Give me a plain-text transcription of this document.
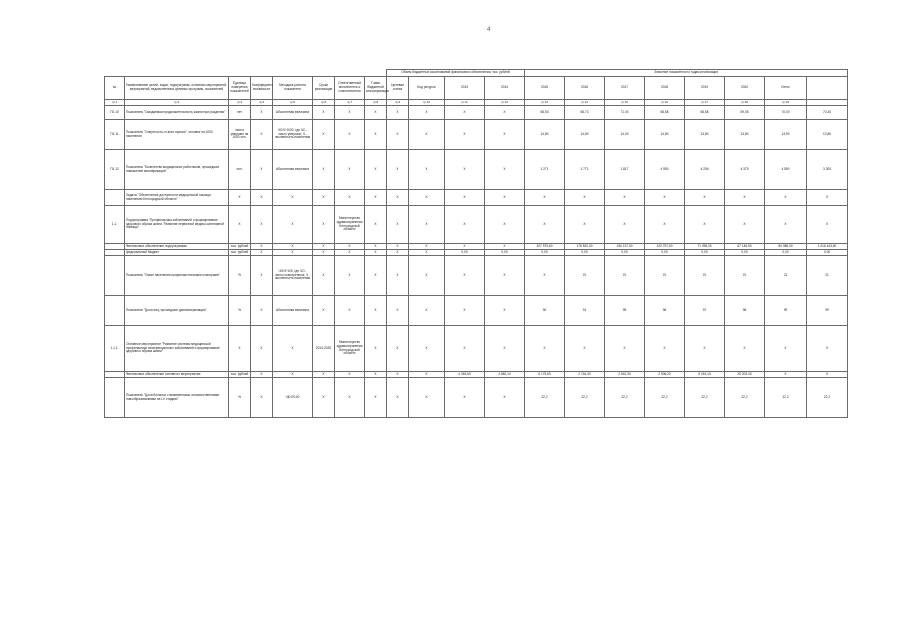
4
								Объем бюджетных ассигнований финансового обеспечения, тыс. рублей				Значение показателя по годам реализации							
№	Наименование целей, задач, подпрограмм, основных мероприятий, мероприятий, ведомственных целевых программ, показателей	Единица измерения показателей	Коэффициент значимости	Методика расчета показателя	Сроки реализации	Ответственный исполнитель и соисполнители	Глава бюджетной классификации	Целевая статья	Код ресурса	2013	2014	2015	2016	2017	2018	2019	2020	Итого	
гр.1	гр.2	гр.3	гр.4	гр.5	гр.6	гр.7	гр.8	гр.9	гр.10	гр.11	гр.12	гр.13	гр.14	гр.15	гр.16	гр.17	гр.18	гр.19	
П1.10	Показатель "Ожидаемая продолжительность жизни при рождении"	лет	Х	Абсолютная величина	Х	Х	Х	Х	Х	Х	Х	68,53	68,73	71,00	68,68	68,68	69,05	70,00	70,40
П1.11	Показатель "Смертность от всех причин", человек на 1000 населения	число умерших на 1000 чел.	Х	ЧС/Ч*1000, где ЧС - число умерших; Ч - численность населения	Х	Х	Х	Х	Х	Х	Х	14,80	14,50	14,00	14,80	13,80	13,80	13,90	13,80
П1.12	Показатель "Количество медицинских работников, прошедших повышение квалификации"	чел.	Х	Абсолютная величина	Х	Х	Х	Х	Х	Х	Х	1 271	1 771	1 817	4 950	4 206	4 375	4 550	3 300
	Задача "Обеспечение доступности медицинской помощи населению Белгородской области"	Х	Х	Х	Х	Х	Х	Х	Х	Х	Х	Х	Х	Х	Х	Х	Х	Х	Х
1.1.	Подпрограмма "Профилактика заболеваний и формирование здорового образа жизни. Развитие первичной медико-санитарной помощи"	Х	Х	Х	Х	Министерство здравоохранения Белгородской области	Х	Х	Х	Х	Х	Х	Х	Х	Х	Х	Х	Х	Х
	Финансовое обеспечение подпрограммы	тыс. рублей	Х	Х	Х	Х	Х	Х	Х	Х	Х	207 975,60	175 520,30	196 137,00	122 757,00	71 095,30	67 146,50	84 086,30	1 016 443,60
	федеральный бюджет	тыс. рублей	Х	Х	Х	Х	Х	Х	Х	0,00	0,00	0,00	0,00	0,00	0,00	0,00	0,00	0,00	0,00
	Показатель "Охват населения профилактическими осмотрами"	%	Х	ЧО/Ч*100, где ЧО - число осмотренных; Ч - численность населения	Х	Х	Х	Х	Х	Х	Х	Х	21	21	21	21	21	21	21
	Показатель "Доля лиц, прошедших диспансеризацию"	%	Х	Абсолютная величина	Х	Х	Х	Х	Х	Х	Х	90	91	95	96	97	98	99	99
1.1.1.	Основное мероприятие "Развитие системы медицинской профилактики неинфекционных заболеваний и формирование здорового образа жизни"	Х	Х	Х	2014-2020	Министерство здравоохранения Белгородской области	Х	Х	Х	Х	Х	Х	Х	Х	Х	Х	Х	Х	Х
	Финансовое обеспечение основного мероприятия	тыс. рублей	Х	Х	Х	Х	Х	Х	Х	4 063,60	4 682,10	5 175,50	2 744,40	2 542,30	2 506,20	5 015,10	25 203,30	Х	Х
	Показатель "Доля больных с выявленными злокачественными новообразованиями на I-II стадиях"	%	Х	ЧБ/Ч*100	Х	Х	Х	Х	Х	Х	Х	22,2	22,2	22,2	22,2	22,2	22,2	22,2	22,2
